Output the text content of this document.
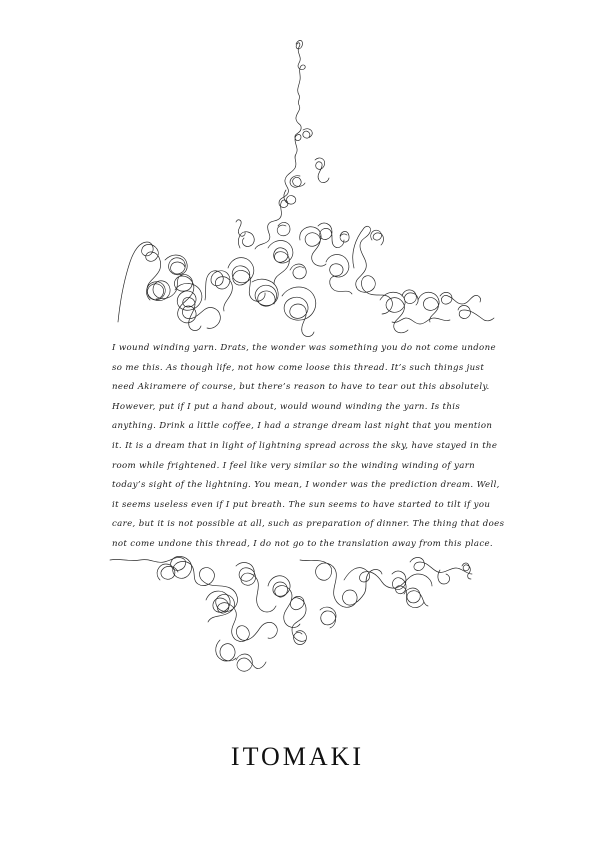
I wound winding yarn. Drats, the wonder was something you do not come undone
so me this. As though life, not how come loose this thread. It’s such things just
need Akiramere of course, but there’s reason to have to tear out this absolutely.
However, put if I put a hand about, would wound winding the yarn. Is this
anything. Drink a little coffee, I had a strange dream last night that you mention
it. It is a dream that in light of lightning spread across the sky, have stayed in the
room while frightened. I feel like very similar so the winding winding of yarn
today’s sight of the lightning. You mean, I wonder was the prediction dream. Well,
it seems useless even if I put breath. The sun seems to have started to tilt if you
care, but it is not possible at all, such as preparation of dinner. The thing that does
not come undone this thread, I do not go to the translation away from this place.
ITOMAKI
